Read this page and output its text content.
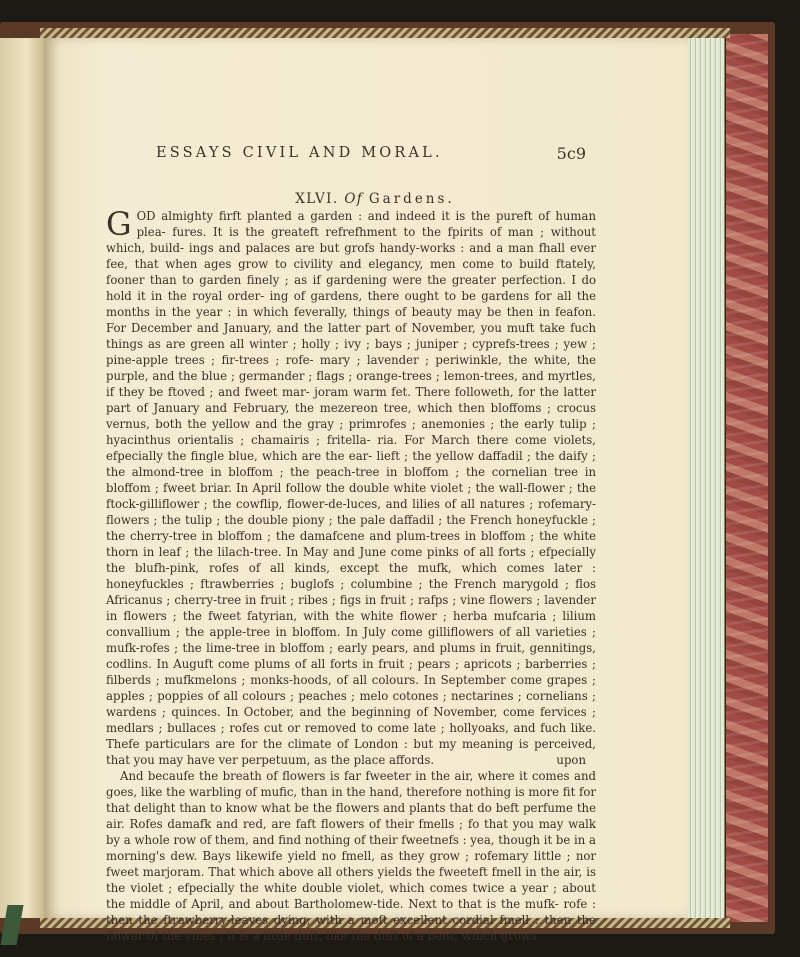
ESSAYS CIVIL AND MORAL.	5c9
XLVI. Of Gardens.

GOD almighty firft planted a garden : and indeed it is the pureft of human plea- fures. It is the greateft refrefhment to the fpirits of man ; without which, build- ings and palaces are but grofs handy-works : and a man fhall ever fee, that when ages grow to civility and elegancy, men come to build ftately, fooner than to garden finely ; as if gardening were the greater perfection. I do hold it in the royal order- ing of gardens, there ought to be gardens for all the months in the year : in which feverally, things of beauty may be then in feafon. For December and January, and the latter part of November, you muft take fuch things as are green all winter ; holly ; ivy ; bays ; juniper ; cyprefs-trees ; yew ; pine-apple trees ; fir-trees ; rofe- mary ; lavender ; periwinkle, the white, the purple, and the blue ; germander ; flags ; orange-trees ; lemon-trees, and myrtles, if they be ftoved ; and fweet mar- joram warm fet. There followeth, for the latter part of January and February, the mezereon tree, which then bloffoms ; crocus vernus, both the yellow and the gray ; primrofes ; anemonies ; the early tulip ; hyacinthus orientalis ; chamairis ; fritella- ria. For March there come violets, efpecially the fingle blue, which are the ear- lieft ; the yellow daffadil ; the daify ; the almond-tree in bloffom ; the peach-tree in bloffom ; the cornelian tree in bloffom ; fweet briar. In April follow the double white violet ; the wall-flower ; the ftock-gilliflower ; the cowflip, flower-de-luces, and lilies of all natures ; rofemary-flowers ; the tulip ; the double piony ; the pale daffadil ; the French honeyfuckle ; the cherry-tree in bloffom ; the damafcene and plum-trees in bloffom ; the white thorn in leaf ; the lilach-tree. In May and June come pinks of all forts ; efpecially the blufh-pink, rofes of all kinds, except the mufk, which comes later : honeyfuckles ; ftrawberries ; buglofs ; columbine ; the French marygold ; flos Africanus ; cherry-tree in fruit ; ribes ; figs in fruit ; rafps ; vine flowers ; lavender in flowers ; the fweet fatyrian, with the white flower ; herba mufcaria ; lilium convallium ; the apple-tree in bloffom. In July come gilliflowers of all varieties ; mufk-rofes ; the lime-tree in bloffom ; early pears, and plums in fruit, gennitings, codlins. In Auguft come plums of all forts in fruit ; pears ; apricots ; barberries ; filberds ; mufkmelons ; monks-hoods, of all colours. In September come grapes ; apples ; poppies of all colours ; peaches ; melo cotones ; nectarines ; cornelians ; wardens ; quinces. In October, and the beginning of November, come fervices ; medlars ; bullaces ; rofes cut or removed to come late ; hollyoaks, and fuch like. Thefe particulars are for the climate of London : but my meaning is perceived, that you may have ver perpetuum, as the place affords.

And becaufe the breath of flowers is far fweeter in the air, where it comes and goes, like the warbling of mufic, than in the hand, therefore nothing is more fit for that delight than to know what be the flowers and plants that do beft perfume the air. Rofes damafk and red, are faft flowers of their fmells ; fo that you may walk by a whole row of them, and find nothing of their fweetnefs : yea, though it be in a morning's dew. Bays likewife yield no fmell, as they grow ; rofemary little ; nor fweet marjoram. That which above all others yields the fweeteft fmell in the air, is the violet ; efpecially the white double violet, which comes twice a year ; about the middle of April, and about Bartholomew-tide. Next to that is the mufk- rofe : then the ftrawberry-leaves dying, with a moft excellent cordial fmell : then the flower of the vines ; it is a little duft, like the duft of a bent, which grows

upon
